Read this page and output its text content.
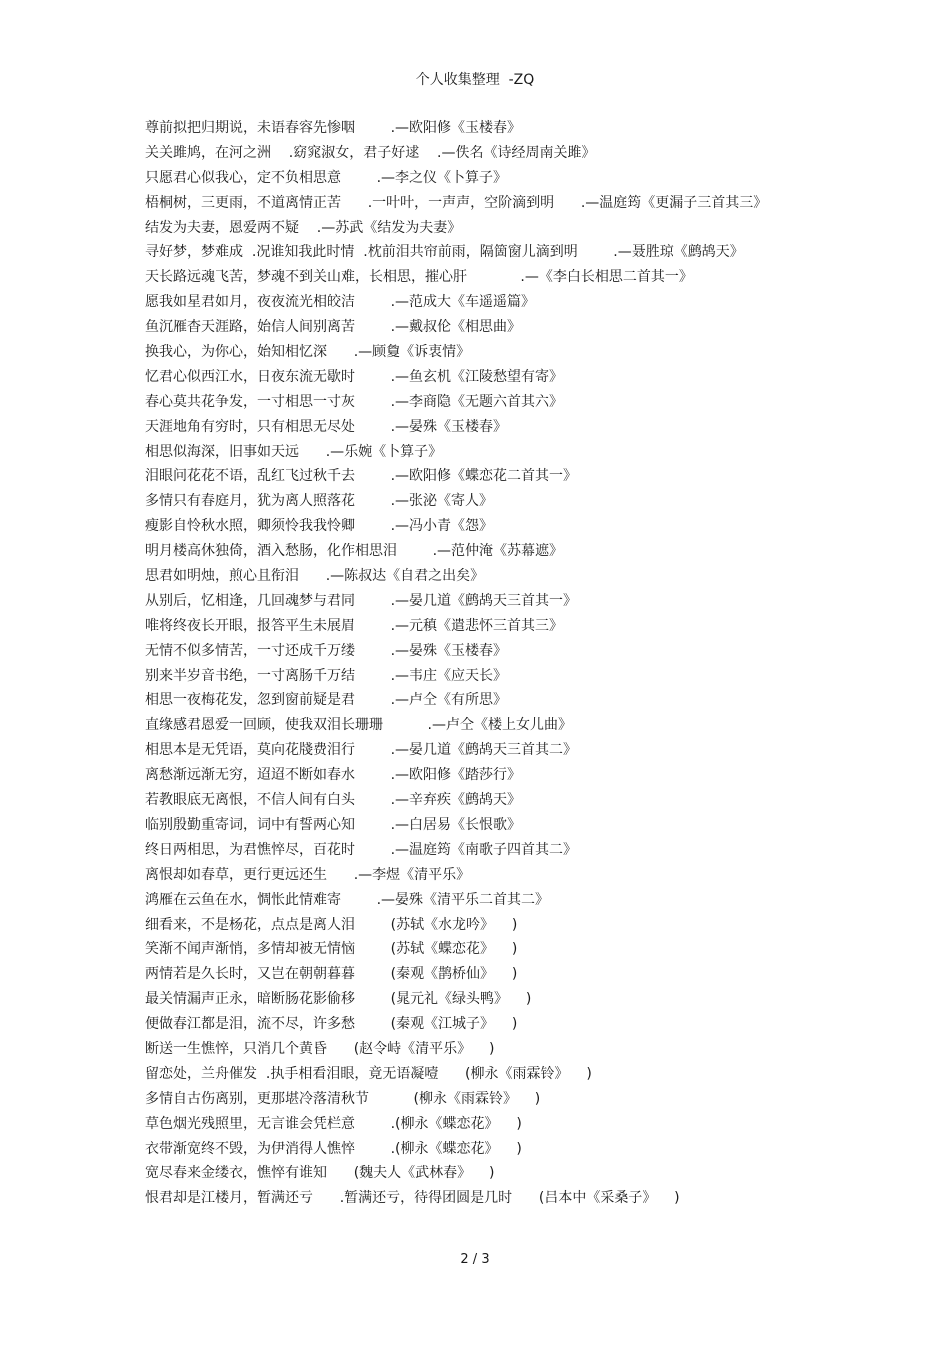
个人收集整理  -ZQ
尊前拟把归期说，未语春容先惨咽        .—欧阳修《玉楼春》
关关雎鸠，在河之洲    .窈窕淑女，君子好逑    .—佚名《诗经周南关雎》
只愿君心似我心，定不负相思意        .—李之仪《卜算子》
梧桐树，三更雨，不道离情正苦      .一叶叶，一声声，空阶滴到明      .—温庭筠《更漏子三首其三》
结发为夫妻，恩爱两不疑    .—苏武《结发为夫妻》
寻好梦，梦难成  .况谁知我此时情  .枕前泪共帘前雨，隔箇窗儿滴到明        .—聂胜琼《鹧鸪天》
天长路远魂飞苦，梦魂不到关山难，长相思，摧心肝            .—《李白长相思二首其一》
愿我如星君如月，夜夜流光相皎洁        .—范成大《车遥遥篇》
鱼沉雁杳天涯路，始信人间别离苦        .—戴叔伦《相思曲》
换我心，为你心，始知相忆深      .—顾敻《诉衷情》
忆君心似西江水，日夜东流无歇时        .—鱼玄机《江陵愁望有寄》
春心莫共花争发，一寸相思一寸灰        .—李商隐《无题六首其六》
天涯地角有穷时，只有相思无尽处        .—晏殊《玉楼春》
相思似海深，旧事如天远      .—乐婉《卜算子》
泪眼问花花不语，乱红飞过秋千去        .—欧阳修《蝶恋花二首其一》
多情只有春庭月，犹为离人照落花        .—张泌《寄人》
瘦影自怜秋水照，卿须怜我我怜卿        .—冯小青《怨》
明月楼高休独倚，酒入愁肠，化作相思泪        .—范仲淹《苏幕遮》
思君如明烛，煎心且衔泪      .—陈叔达《自君之出矣》
从别后，忆相逢，几回魂梦与君同        .—晏几道《鹧鸪天三首其一》
唯将终夜长开眼，报答平生未展眉        .—元稹《遣悲怀三首其三》
无情不似多情苦，一寸还成千万缕        .—晏殊《玉楼春》
别来半岁音书绝，一寸离肠千万结        .—韦庄《应天长》
相思一夜梅花发，忽到窗前疑是君        .—卢仝《有所思》
直缘感君恩爱一回顾，使我双泪长珊珊          .—卢仝《楼上女儿曲》
相思本是无凭语，莫向花牋费泪行        .—晏几道《鹧鸪天三首其二》
离愁渐远渐无穷，迢迢不断如春水        .—欧阳修《踏莎行》
若教眼底无离恨，不信人间有白头        .—辛弃疾《鹧鸪天》
临别殷勤重寄词，词中有誓两心知        .—白居易《长恨歌》
终日两相思，为君憔悴尽，百花时        .—温庭筠《南歌子四首其二》
离恨却如春草，更行更远还生      .—李煜《清平乐》
鸿雁在云鱼在水，惆怅此情难寄        .—晏殊《清平乐二首其二》
细看来，不是杨花，点点是离人泪        (苏轼《水龙吟》    )
笑渐不闻声渐悄，多情却被无情恼        (苏轼《蝶恋花》    )
两情若是久长时，又岂在朝朝暮暮        (秦观《鹊桥仙》    )
最关情漏声正永，暗断肠花影偷移        (晁元礼《绿头鸭》    )
便做春江都是泪，流不尽，许多愁        (秦观《江城子》    )
断送一生憔悴，只消几个黄昏      (赵令峙《清平乐》    )
留恋处，兰舟催发  .执手相看泪眼，竟无语凝噎      (柳永《雨霖铃》    )
多情自古伤离别，更那堪冷落清秋节          (柳永《雨霖铃》    )
草色烟光残照里，无言谁会凭栏意        .(柳永《蝶恋花》    )
衣带渐宽终不毁，为伊消得人憔悴        .(柳永《蝶恋花》    )
宽尽春来金缕衣，憔悴有谁知      (魏夫人《武林春》    )
恨君却是江楼月，暂满还亏      .暂满还亏，待得团圆是几时      (吕本中《采桑子》    )
2 / 3
